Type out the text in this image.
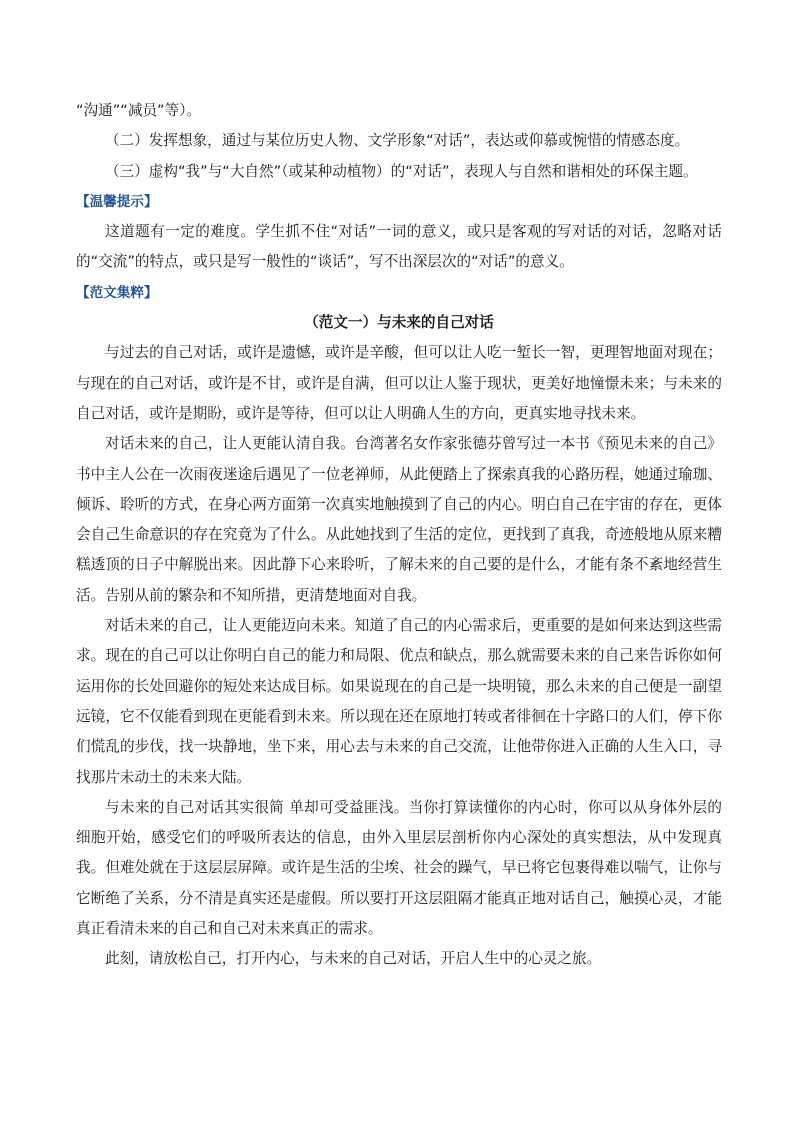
“沟通”“减员”等）。

（二）发挥想象，通过与某位历史人物、文学形象“对话”，表达或仰慕或惋惜的情感态度。

（三）虚构“我”与“大自然”（或某种动植物）的“对话”，表现人与自然和谐相处的环保主题。

【温馨提示】

这道题有一定的难度。学生抓不住“对话”一词的意义，或只是客观的写对话的对话，忽略对话的“交流”的特点，或只是写一般性的“谈话”，写不出深层次的“对话”的意义。

【范文集粹】

（范文一）与未来的自己对话

与过去的自己对话，或许是遗憾，或许是辛酸，但可以让人吃一堑长一智，更理智地面对现在；与现在的自己对话，或许是不甘，或许是自满，但可以让人鉴于现状，更美好地憧憬未来；与未来的自己对话，或许是期盼，或许是等待，但可以让人明确人生的方向，更真实地寻找未来。

对话未来的自己，让人更能认清自我。台湾著名女作家张德芬曾写过一本书《预见未来的自己》书中主人公在一次雨夜迷途后遇见了一位老禅师，从此便踏上了探索真我的心路历程，她通过瑜珈、倾诉、聆听的方式，在身心两方面第一次真实地触摸到了自己的内心。明白自己在宇宙的存在，更体会自己生命意识的存在究竟为了什么。从此她找到了生活的定位，更找到了真我，奇迹般地从原来糟糕透顶的日子中解脱出来。因此静下心来聆听，了解未来的自己要的是什么，才能有条不紊地经营生活。告别从前的繁杂和不知所措，更清楚地面对自我。

对话未来的自己，让人更能迈向未来。知道了自己的内心需求后，更重要的是如何来达到这些需求。现在的自己可以让你明白自己的能力和局限、优点和缺点，那么就需要未来的自己来告诉你如何运用你的长处回避你的短处来达成目标。如果说现在的自己是一块明镜，那么未来的自己便是一副望远镜，它不仅能看到现在更能看到未来。所以现在还在原地打转或者徘徊在十字路口的人们，停下你们慌乱的步伐，找一块静地，坐下来，用心去与未来的自己交流，让他带你进入正确的人生入口，寻找那片未动土的未来大陆。

与未来的自己对话其实很简 单却可受益匪浅。当你打算读懂你的内心时，你可以从身体外层的细胞开始，感受它们的呼吸所表达的信息，由外入里层层剖析你内心深处的真实想法，从中发现真我。但难处就在于这层层屏障。或许是生活的尘埃、社会的躁气，早已将它包裹得难以喘气，让你与它断绝了关系，分不清是真实还是虚假。所以要打开这层阻隔才能真正地对话自己，触摸心灵，才能真正看清未来的自己和自己对未来真正的需求。

此刻，请放松自己，打开内心，与未来的自己对话，开启人生中的心灵之旅。
